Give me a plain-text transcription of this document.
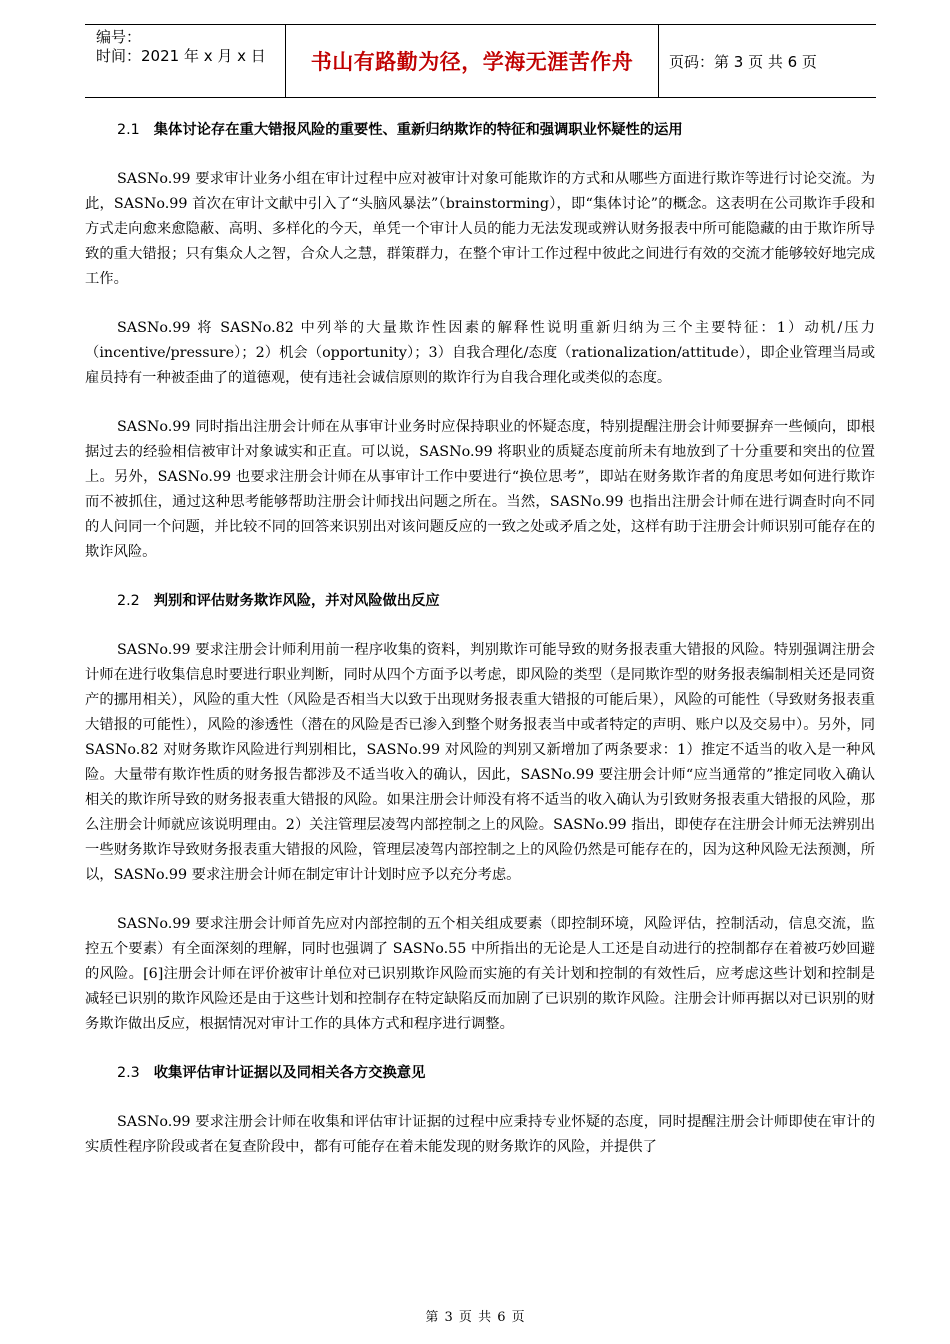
编号：
时间：2021 年 x 月 x 日	书山有路勤为径，学海无涯苦作舟	页码：第 3 页 共 6 页
2.1 集体讨论存在重大错报风险的重要性、重新归纳欺诈的特征和强调职业怀疑性的运用

SASNo.99 要求审计业务小组在审计过程中应对被审计对象可能欺诈的方式和从哪些方面进行欺诈等进行讨论交流。为此，SASNo.99 首次在审计文献中引入了“头脑风暴法”（brainstorming），即“集体讨论”的概念。这表明在公司欺诈手段和方式走向愈来愈隐蔽、高明、多样化的今天，单凭一个审计人员的能力无法发现或辨认财务报表中所可能隐藏的由于欺诈所导致的重大错报；只有集众人之智，合众人之慧，群策群力，在整个审计工作过程中彼此之间进行有效的交流才能够较好地完成工作。

SASNo.99 将 SASNo.82 中列举的大量欺诈性因素的解释性说明重新归纳为三个主要特征：1）动机/压力（incentive/pressure）；2）机会（opportunity）；3）自我合理化/态度（rationalization/attitude），即企业管理当局或雇员持有一种被歪曲了的道德观，使有违社会诚信原则的欺诈行为自我合理化或类似的态度。

SASNo.99 同时指出注册会计师在从事审计业务时应保持职业的怀疑态度，特别提醒注册会计师要摒弃一些倾向，即根据过去的经验相信被审计对象诚实和正直。可以说，SASNo.99 将职业的质疑态度前所未有地放到了十分重要和突出的位置上。另外，SASNo.99 也要求注册会计师在从事审计工作中要进行“换位思考”，即站在财务欺诈者的角度思考如何进行欺诈而不被抓住，通过这种思考能够帮助注册会计师找出问题之所在。当然，SASNo.99 也指出注册会计师在进行调查时向不同的人问同一个问题，并比较不同的回答来识别出对该问题反应的一致之处或矛盾之处，这样有助于注册会计师识别可能存在的欺诈风险。

2.2 判别和评估财务欺诈风险，并对风险做出反应

SASNo.99 要求注册会计师利用前一程序收集的资料，判别欺诈可能导致的财务报表重大错报的风险。特别强调注册会计师在进行收集信息时要进行职业判断，同时从四个方面予以考虑，即风险的类型（是同欺诈型的财务报表编制相关还是同资产的挪用相关），风险的重大性（风险是否相当大以致于出现财务报表重大错报的可能后果），风险的可能性（导致财务报表重大错报的可能性），风险的渗透性（潜在的风险是否已渗入到整个财务报表当中或者特定的声明、账户以及交易中）。另外，同 SASNo.82 对财务欺诈风险进行判别相比，SASNo.99 对风险的判别又新增加了两条要求：1）推定不适当的收入是一种风险。大量带有欺诈性质的财务报告都涉及不适当收入的确认，因此，SASNo.99 要注册会计师“应当通常的”推定同收入确认相关的欺诈所导致的财务报表重大错报的风险。如果注册会计师没有将不适当的收入确认为引致财务报表重大错报的风险，那么注册会计师就应该说明理由。2）关注管理层凌驾内部控制之上的风险。SASNo.99 指出，即使存在注册会计师无法辨别出一些财务欺诈导致财务报表重大错报的风险，管理层凌驾内部控制之上的风险仍然是可能存在的，因为这种风险无法预测，所以，SASNo.99 要求注册会计师在制定审计计划时应予以充分考虑。

SASNo.99 要求注册会计师首先应对内部控制的五个相关组成要素（即控制环境，风险评估，控制活动，信息交流，监控五个要素）有全面深刻的理解，同时也强调了 SASNo.55 中所指出的无论是人工还是自动进行的控制都存在着被巧妙回避的风险。[6]注册会计师在评价被审计单位对已识别欺诈风险而实施的有关计划和控制的有效性后，应考虑这些计划和控制是减轻已识别的欺诈风险还是由于这些计划和控制存在特定缺陷反而加剧了已识别的欺诈风险。注册会计师再据以对已识别的财务欺诈做出反应，根据情况对审计工作的具体方式和程序进行调整。

2.3 收集评估审计证据以及同相关各方交换意见

SASNo.99 要求注册会计师在收集和评估审计证据的过程中应秉持专业怀疑的态度，同时提醒注册会计师即使在审计的实质性程序阶段或者在复查阶段中，都有可能存在着未能发现的财务欺诈的风险，并提供了

第 3 页 共 6 页
